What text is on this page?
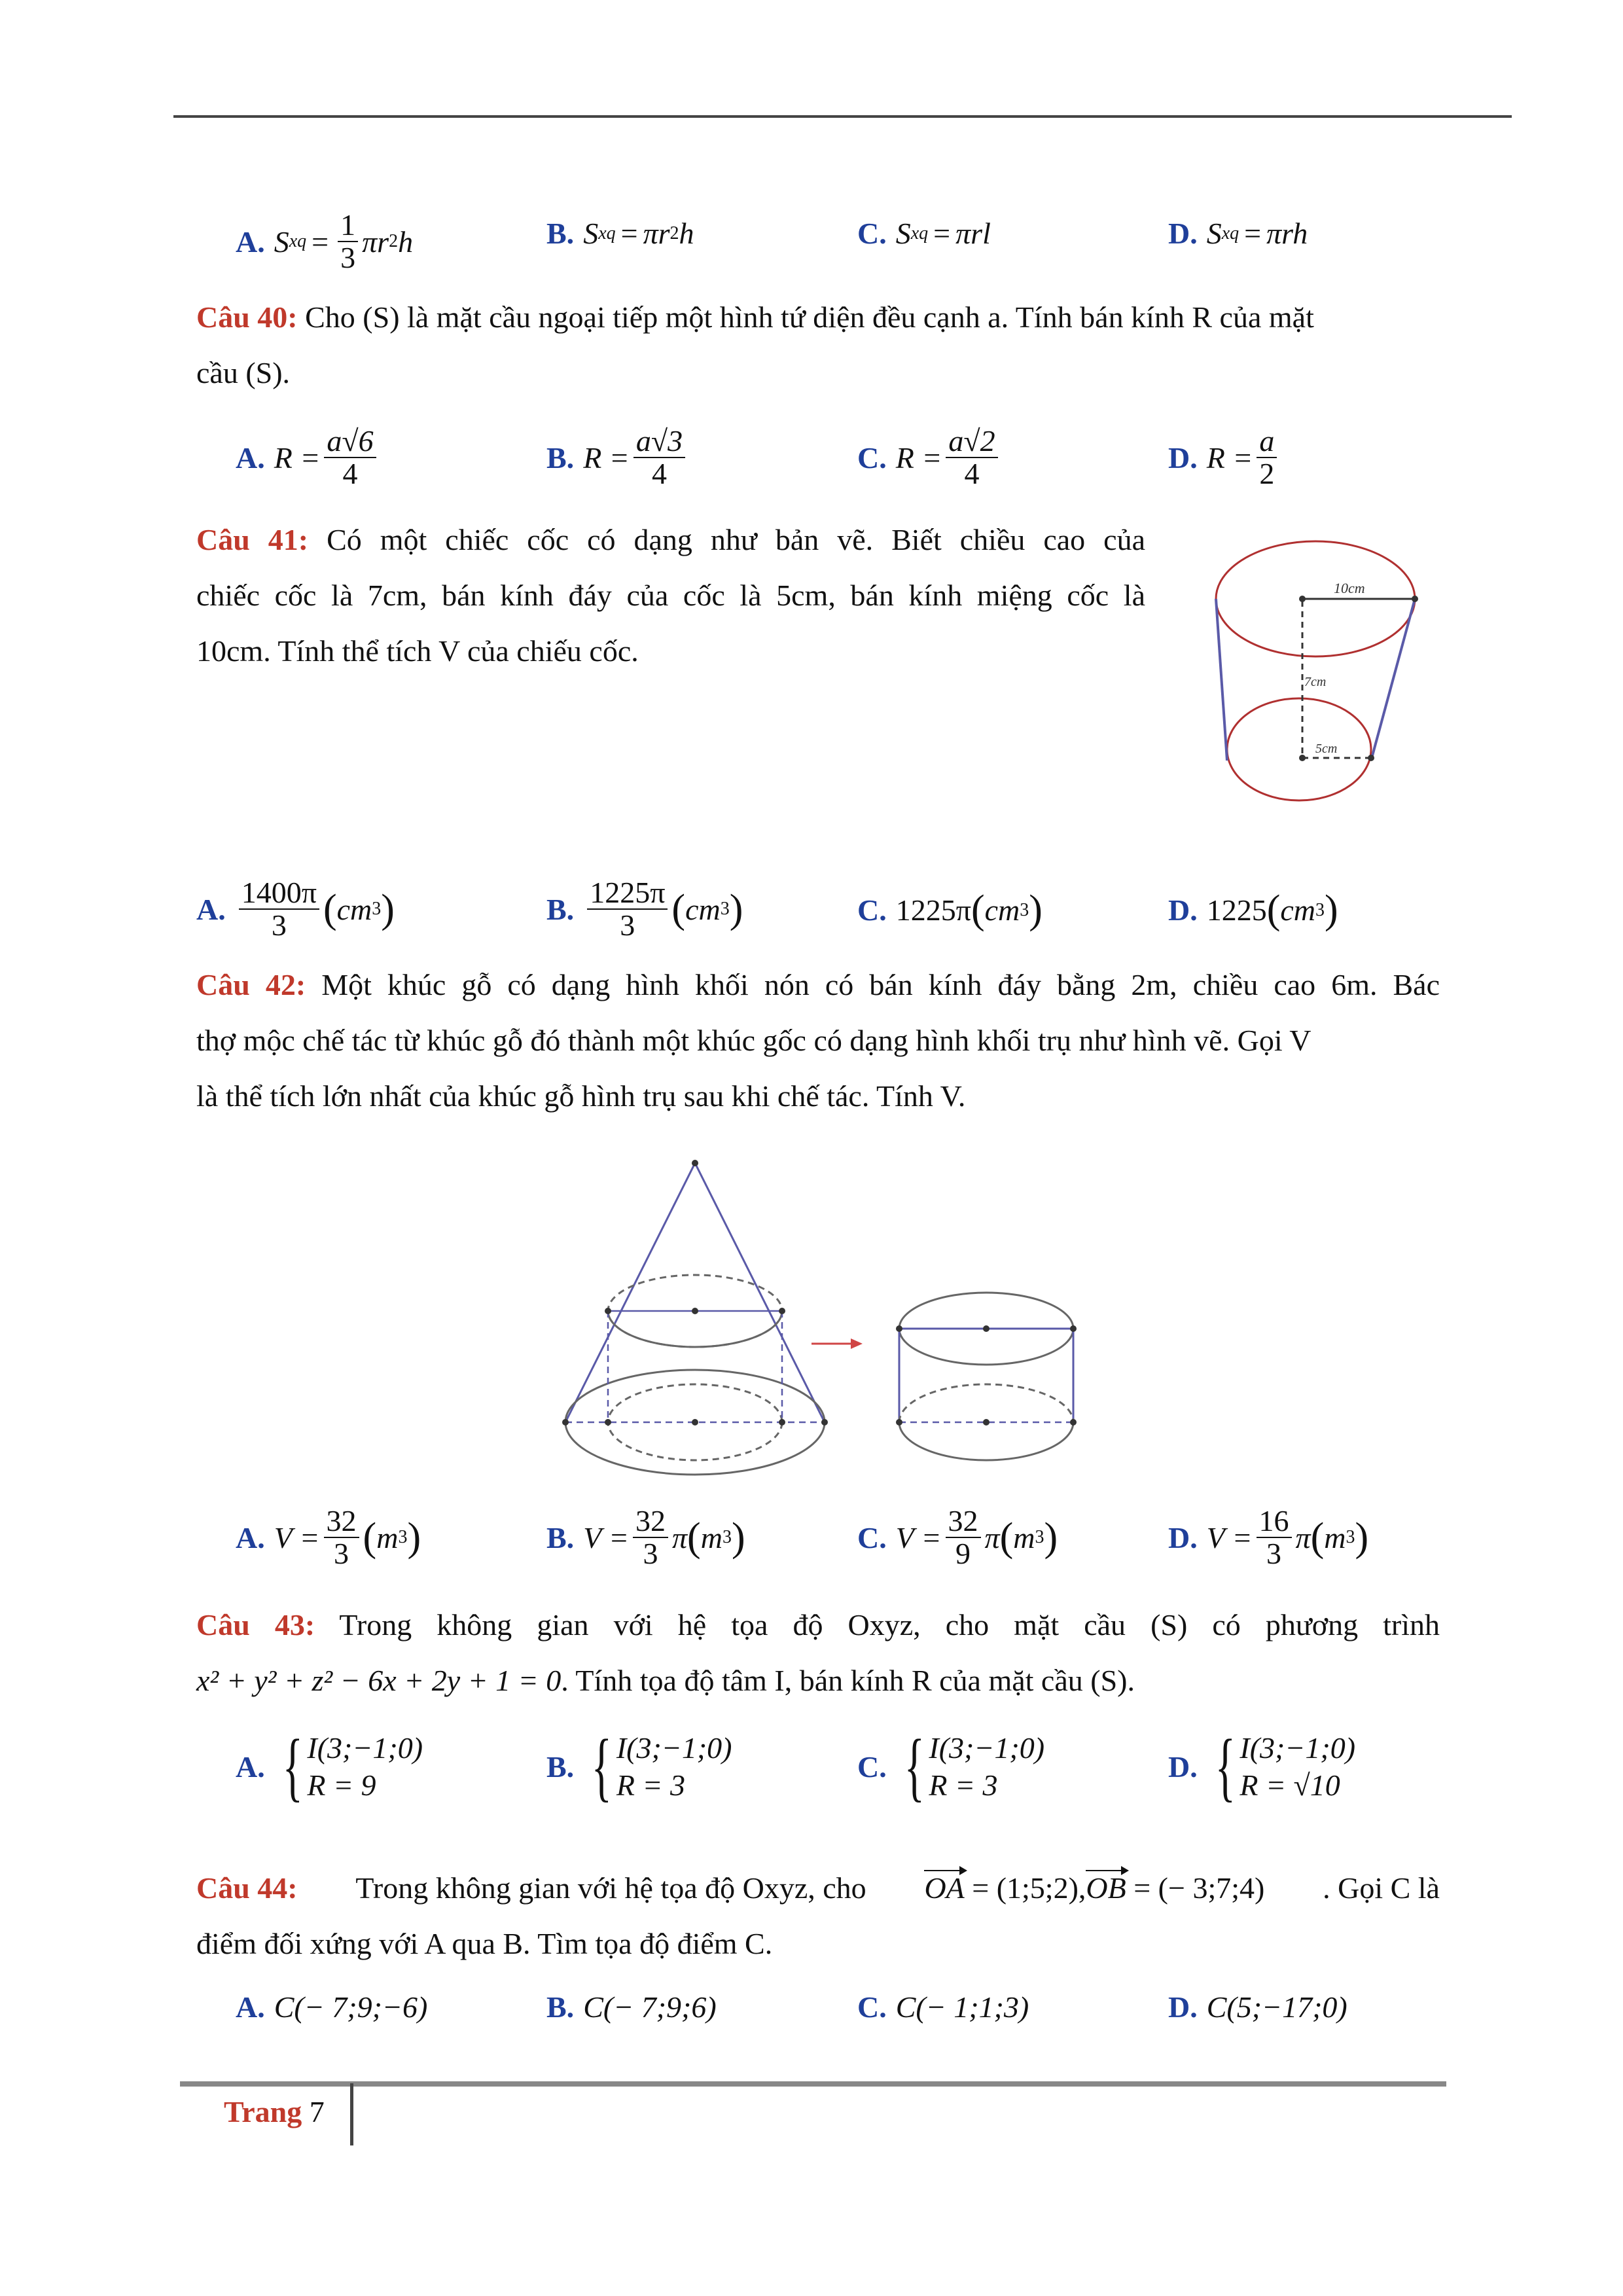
A. S xq = $\frac{1}{3}$ πr 2 h	B. S xq = πr 2 h	C. S xq = πrl	D. S xq = πrh
Câu 40: Cho (S) là mặt cầu ngoại tiếp một hình tứ diện đều cạnh a. Tính bán kính R của mặt
cầu (S).
A. $R = \frac{a√6}{4}$	B. $R = \frac{a√3}{4}$	C. $R = \frac{a√2}{4}$	D. $R = \frac{a}{2}$
Câu 41: Có một chiếc cốc có dạng như bản vẽ. Biết chiều cao của
chiếc cốc là 7cm, bán kính đáy của cốc là 5cm, bán kính miệng cốc là
10cm. Tính thể tích V của chiếu cốc.
10cm
7cm
5cm
A. $\frac{1400\pi}{3}$ ( cm 3 )	B. $\frac{1225\pi}{3}$ ( cm 3 )	C. 1225π ( cm 3 )	D. 1225 ( cm 3 )
Câu 42: Một khúc gỗ có dạng hình khối nón có bán kính đáy bằng 2m, chiều cao 6m. Bác
thợ mộc chế tác từ khúc gỗ đó thành một khúc gốc có dạng hình khối trụ như hình vẽ. Gọi V
là thể tích lớn nhất của khúc gỗ hình trụ sau khi chế tác. Tính V.
A. $V = \frac{32}{3}$ ( m 3 )	B. $V = \frac{32}{3}$ π ( m 3 )	C. $V = \frac{32}{9}$ π ( m 3 )	D. $V = \frac{16}{3}$ π ( m 3 )
Câu 43: Trong không gian với hệ tọa độ Oxyz, cho mặt cầu (S) có phương trình
x² + y² + z² − 6x + 2y + 1 = 0. Tính tọa độ tâm I, bán kính R của mặt cầu (S).
A. { I(3;−1;0)
R = 9
B. { I(3;−1;0)
R = 3
C. { I(3;−1;0)
R = 3
D. { I(3;−1;0)
R = √10
Câu 44: Trong không gian với hệ tọa độ Oxyz, cho OA = (1;5;2),OB = (− 3;7;4) . Gọi C là
điểm đối xứng với A qua B. Tìm tọa độ điểm C.
A. C(− 7;9;−6)	B. C(− 7;9;6)	C. C(− 1;1;3)	D. C(5;−17;0)
Trang 7
